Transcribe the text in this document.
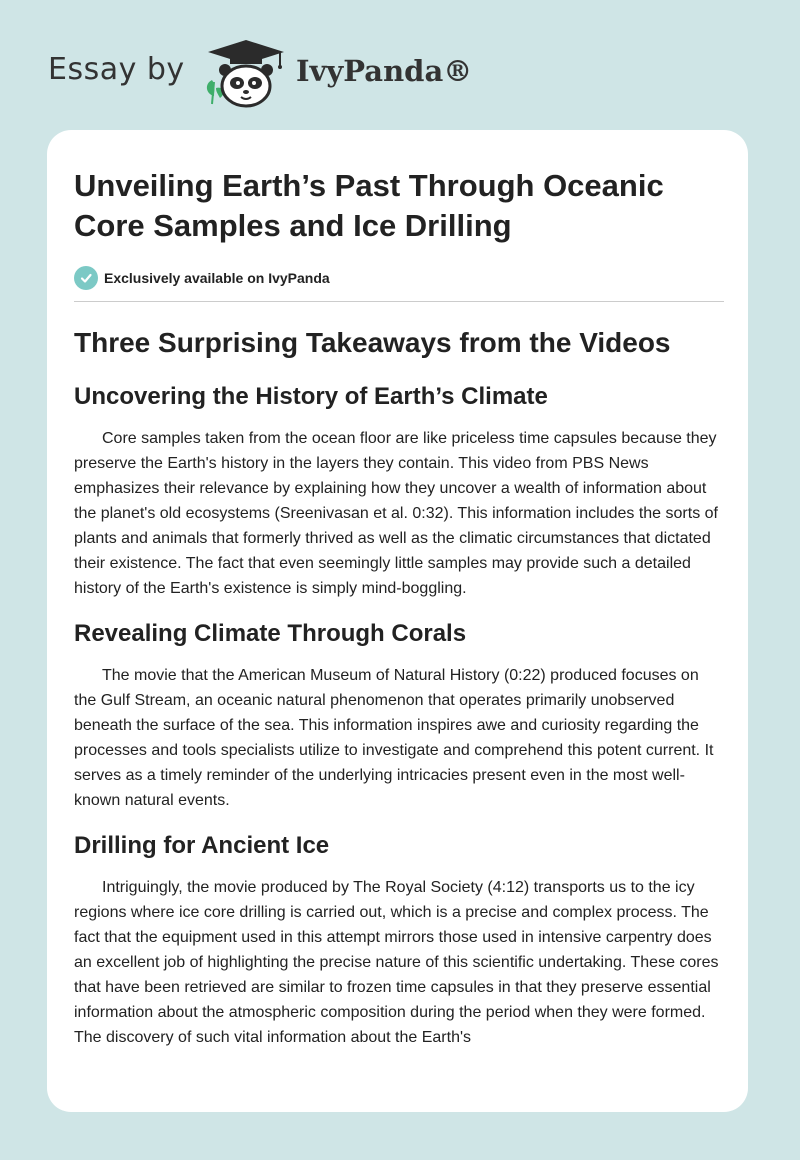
Essay by	IvyPanda®
Unveiling Earth’s Past Through Oceanic Core Samples and Ice Drilling
Exclusively available on IvyPanda
Three Surprising Takeaways from the Videos
Uncovering the History of Earth’s Climate

Core samples taken from the ocean floor are like priceless time capsules because they preserve the Earth's history in the layers they contain. This video from PBS News emphasizes their relevance by explaining how they uncover a wealth of information about the planet's old ecosystems (Sreenivasan et al. 0:32). This information includes the sorts of plants and animals that formerly thrived as well as the climatic circumstances that dictated their existence. The fact that even seemingly little samples may provide such a detailed history of the Earth's existence is simply mind-boggling.

Revealing Climate Through Corals

The movie that the American Museum of Natural History (0:22) produced focuses on the Gulf Stream, an oceanic natural phenomenon that operates primarily unobserved beneath the surface of the sea. This information inspires awe and curiosity regarding the processes and tools specialists utilize to investigate and comprehend this potent current. It serves as a timely reminder of the underlying intricacies present even in the most well-known natural events.

Drilling for Ancient Ice

Intriguingly, the movie produced by The Royal Society (4:12) transports us to the icy regions where ice core drilling is carried out, which is a precise and complex process. The fact that the equipment used in this attempt mirrors those used in intensive carpentry does an excellent job of highlighting the precise nature of this scientific undertaking. These cores that have been retrieved are similar to frozen time capsules in that they preserve essential information about the atmospheric composition during the period when they were formed. The discovery of such vital information about the Earth's
